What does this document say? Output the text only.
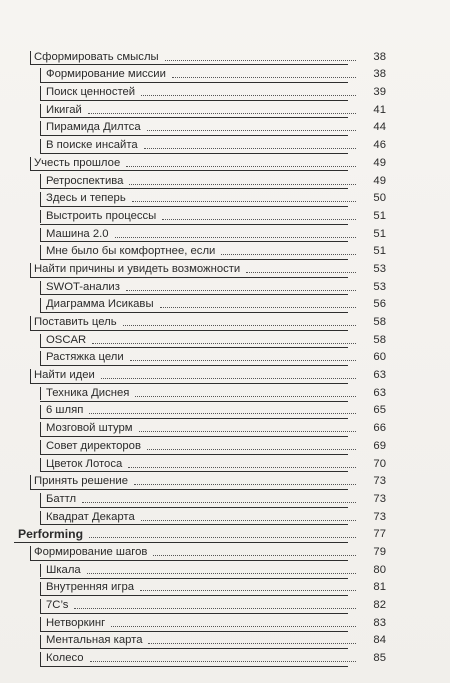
Сформировать смыслы	38
Формирование миссии	38
Поиск ценностей	39
Икигай	41
Пирамида Дилтса	44
В поиске инсайта	46
Учесть прошлое	49
Ретроспектива	49
Здесь и теперь	50
Выстроить процессы	51
Машина 2.0	51
Мне было бы комфортнее, если	51
Найти причины и увидеть возможности	53
SWOT-анализ	53
Диаграмма Исикавы	56
Поставить цель	58
OSCAR	58
Растяжка цели	60
Найти идеи	63
Техника Диснея	63
6 шляп	65
Мозговой штурм	66
Совет директоров	69
Цветок Лотоса	70
Принять решение	73
Баттл	73
Квадрат Декарта	73
Performing	77
Формирование шагов	79
Шкала	80
Внутренняя игра	81
7C’s	82
Нетворкинг	83
Ментальная карта	84
Колесо	85
